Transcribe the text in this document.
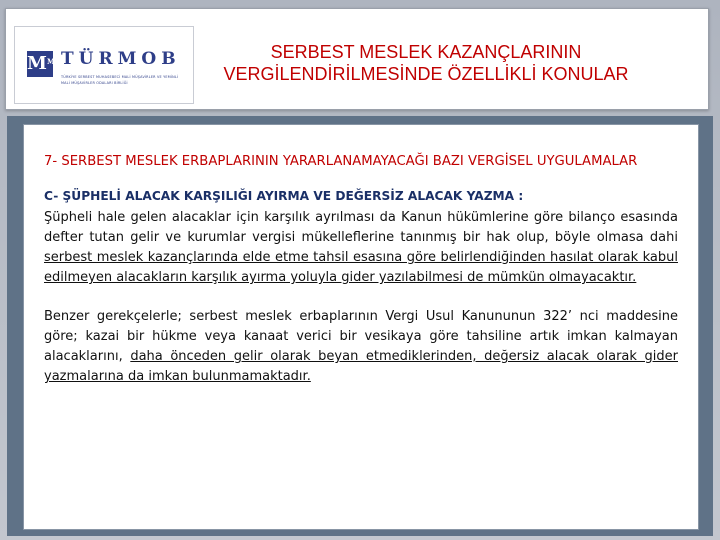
$M^M$ TÜRMOB
TÜRKİYE SERBEST MUHASEBECİ MALİ MÜŞAVİRLER VE YEMİNLİ MALİ MÜŞAVİRLER ODALARI BİRLİĞİ
SERBEST MESLEK KAZANÇLARININ
VERGİLENDİRİLMESİNDE ÖZELLİKLİ KONULAR
7- SERBEST MESLEK ERBAPLARININ YARARLANAMAYACAĞI BAZI VERGİSEL UYGULAMALAR
C- ŞÜPHELİ ALACAK KARŞILIĞI AYIRMA VE DEĞERSİZ ALACAK YAZMA :
Şüpheli hale gelen alacaklar için karşılık ayrılması da Kanun hükümlerine göre bilanço esasında defter tutan gelir ve kurumlar vergisi mükelleflerine tanınmış bir hak olup, böyle olmasa dahi serbest meslek kazançlarında elde etme tahsil esasına göre belirlendiğinden hasılat olarak kabul edilmeyen alacakların karşılık ayırma yoluyla gider yazılabilmesi de mümkün olmayacaktır.
Benzer gerekçelerle; serbest meslek erbaplarının Vergi Usul Kanununun 322’ nci maddesine göre; kazai bir hükme veya kanaat verici bir vesikaya göre tahsiline artık imkan kalmayan alacaklarını, daha önceden gelir olarak beyan etmediklerinden, değersiz alacak olarak gider yazmalarına da imkan bulunmamaktadır.
